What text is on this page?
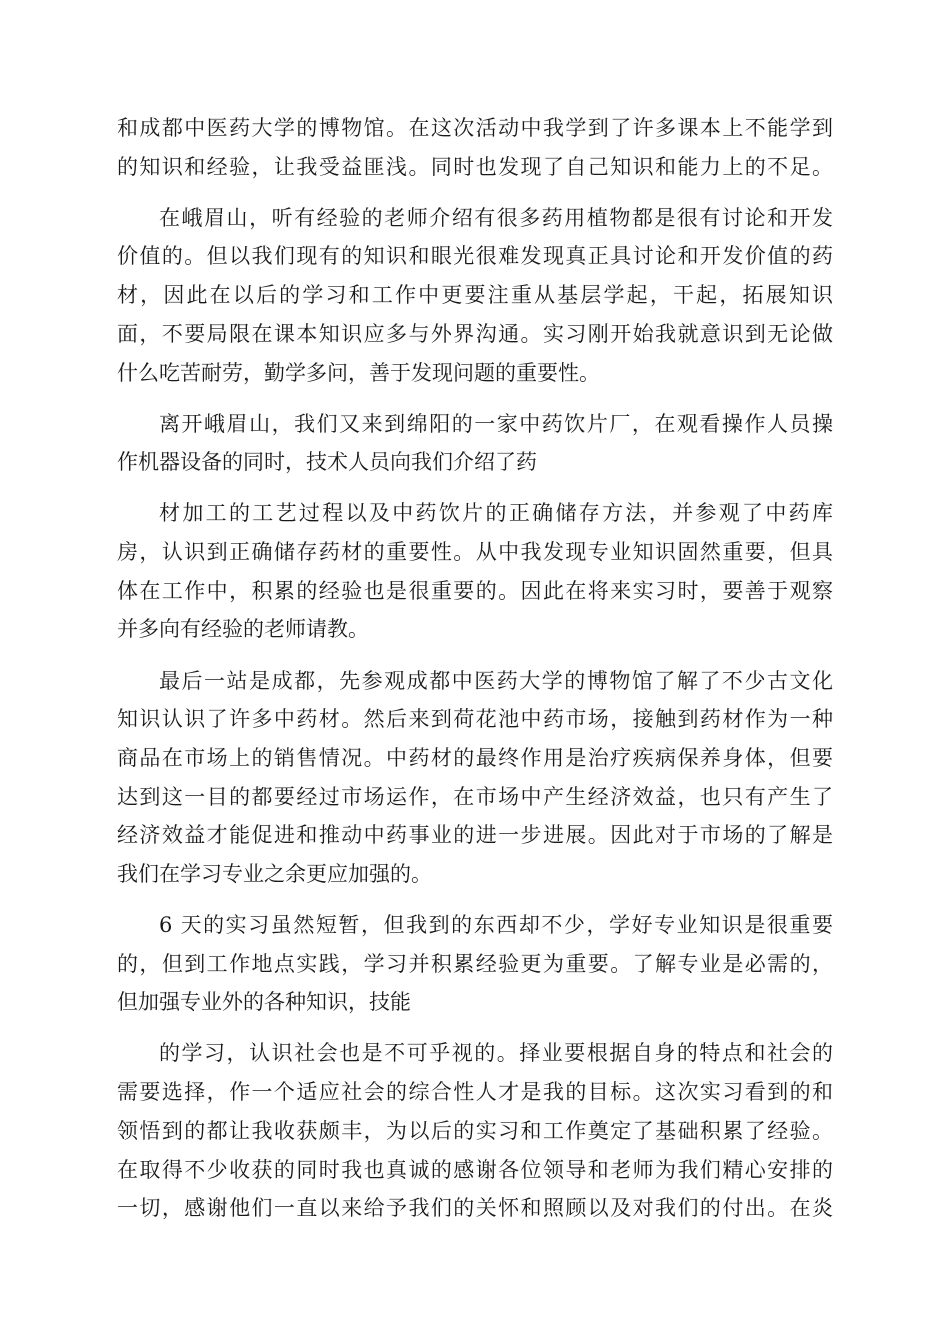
和成都中医药大学的博物馆。在这次活动中我学到了许多课本上不能学到
的知识和经验，让我受益匪浅。同时也发现了自己知识和能力上的不足。
在峨眉山，听有经验的老师介绍有很多药用植物都是很有讨论和开发
价值的。但以我们现有的知识和眼光很难发现真正具讨论和开发价值的药
材，因此在以后的学习和工作中更要注重从基层学起，干起，拓展知识
面，不要局限在课本知识应多与外界沟通。实习刚开始我就意识到无论做
什么吃苦耐劳，勤学多问，善于发现问题的重要性。
离开峨眉山，我们又来到绵阳的一家中药饮片厂，在观看操作人员操
作机器设备的同时，技术人员向我们介绍了药
材加工的工艺过程以及中药饮片的正确储存方法，并参观了中药库
房，认识到正确储存药材的重要性。从中我发现专业知识固然重要，但具
体在工作中，积累的经验也是很重要的。因此在将来实习时，要善于观察
并多向有经验的老师请教。
最后一站是成都，先参观成都中医药大学的博物馆了解了不少古文化
知识认识了许多中药材。然后来到荷花池中药市场，接触到药材作为一种
商品在市场上的销售情况。中药材的最终作用是治疗疾病保养身体，但要
达到这一目的都要经过市场运作，在市场中产生经济效益，也只有产生了
经济效益才能促进和推动中药事业的进一步进展。因此对于市场的了解是
我们在学习专业之余更应加强的。
6 天的实习虽然短暂，但我到的东西却不少，学好专业知识是很重要
的，但到工作地点实践，学习并积累经验更为重要。了解专业是必需的，
但加强专业外的各种知识，技能
的学习，认识社会也是不可乎视的。择业要根据自身的特点和社会的
需要选择，作一个适应社会的综合性人才是我的目标。这次实习看到的和
领悟到的都让我收获颇丰，为以后的实习和工作奠定了基础积累了经验。
在取得不少收获的同时我也真诚的感谢各位领导和老师为我们精心安排的
一切，感谢他们一直以来给予我们的关怀和照顾以及对我们的付出。在炎
